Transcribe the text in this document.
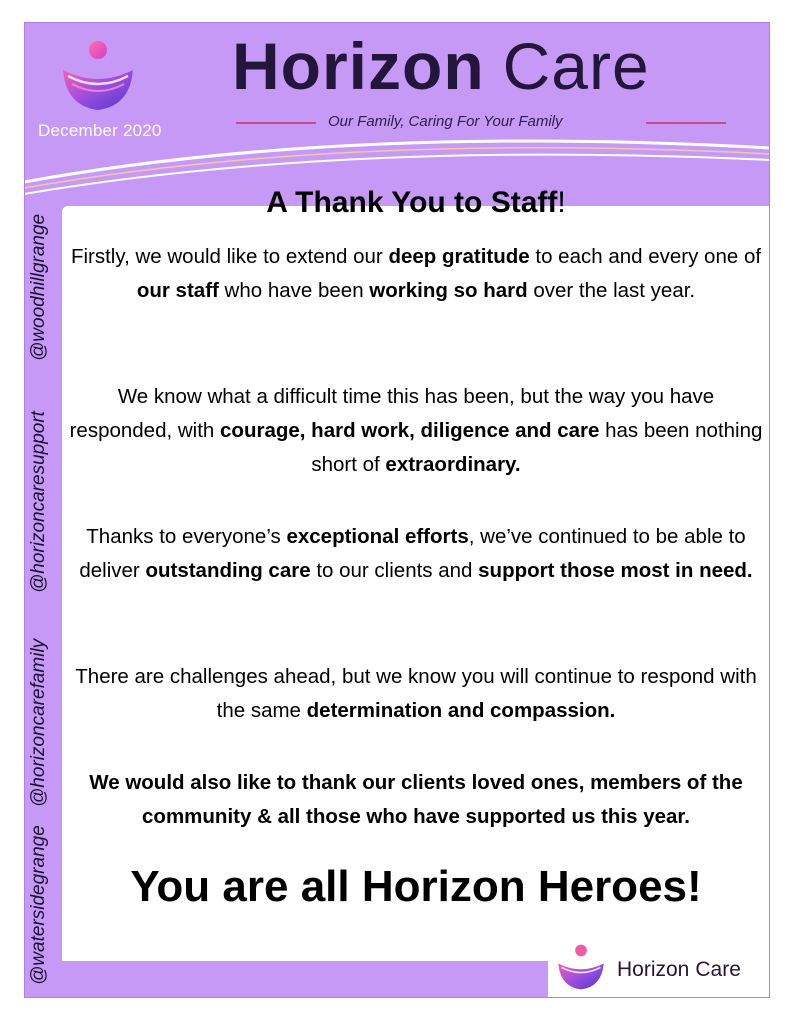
December 2020
Horizon Care
Our Family, Caring For Your Family
@watersidegrange
@horizoncarefamily
@horizoncaresupport
@woodhillgrange
A Thank You to Staff!
Firstly, we would like to extend our deep gratitude to each and every one of our staff who have been working so hard over the last year.
We know what a difficult time this has been, but the way you have responded, with courage, hard work, diligence and care has been nothing short of extraordinary.
Thanks to everyone’s exceptional efforts, we’ve continued to be able to deliver outstanding care to our clients and support those most in need.
There are challenges ahead, but we know you will continue to respond with the same determination and compassion.
We would also like to thank our clients loved ones, members of the community & all those who have supported us this year.
You are all Horizon Heroes!
Horizon Care
